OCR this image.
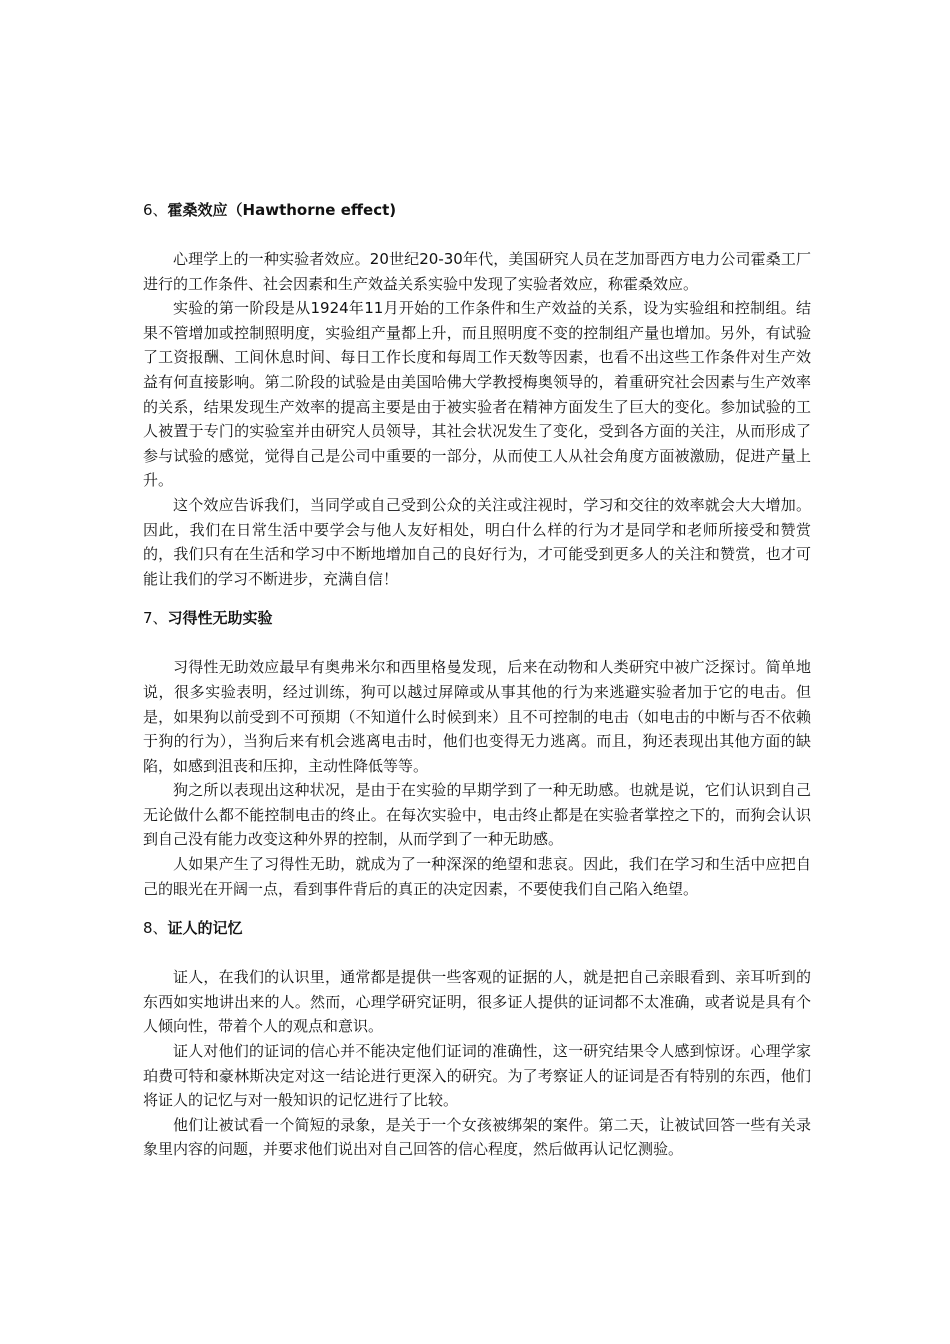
6、霍桑效应（Hawthorne effect)

心理学上的一种实验者效应。20世纪20-30年代，美国研究人员在芝加哥西方电力公司霍桑工厂进行的工作条件、社会因素和生产效益关系实验中发现了实验者效应，称霍桑效应。

实验的第一阶段是从1924年11月开始的工作条件和生产效益的关系，设为实验组和控制组。结果不管增加或控制照明度，实验组产量都上升，而且照明度不变的控制组产量也增加。另外，有试验了工资报酬、工间休息时间、每日工作长度和每周工作天数等因素，也看不出这些工作条件对生产效益有何直接影响。第二阶段的试验是由美国哈佛大学教授梅奥领导的，着重研究社会因素与生产效率的关系，结果发现生产效率的提高主要是由于被实验者在精神方面发生了巨大的变化。参加试验的工人被置于专门的实验室并由研究人员领导，其社会状况发生了变化，受到各方面的关注，从而形成了参与试验的感觉，觉得自己是公司中重要的一部分，从而使工人从社会角度方面被激励，促进产量上升。

这个效应告诉我们，当同学或自己受到公众的关注或注视时，学习和交往的效率就会大大增加。因此，我们在日常生活中要学会与他人友好相处，明白什么样的行为才是同学和老师所接受和赞赏的，我们只有在生活和学习中不断地增加自己的良好行为，才可能受到更多人的关注和赞赏，也才可能让我们的学习不断进步，充满自信！

7、习得性无助实验

习得性无助效应最早有奥弗米尔和西里格曼发现，后来在动物和人类研究中被广泛探讨。简单地说，很多实验表明，经过训练，狗可以越过屏障或从事其他的行为来逃避实验者加于它的电击。但是，如果狗以前受到不可预期（不知道什么时候到来）且不可控制的电击（如电击的中断与否不依赖于狗的行为），当狗后来有机会逃离电击时，他们也变得无力逃离。而且，狗还表现出其他方面的缺陷，如感到沮丧和压抑，主动性降低等等。

狗之所以表现出这种状况，是由于在实验的早期学到了一种无助感。也就是说，它们认识到自己无论做什么都不能控制电击的终止。在每次实验中，电击终止都是在实验者掌控之下的，而狗会认识到自己没有能力改变这种外界的控制，从而学到了一种无助感。

人如果产生了习得性无助，就成为了一种深深的绝望和悲哀。因此，我们在学习和生活中应把自己的眼光在开阔一点，看到事件背后的真正的决定因素，不要使我们自己陷入绝望。

8、证人的记忆

证人，在我们的认识里，通常都是提供一些客观的证据的人，就是把自己亲眼看到、亲耳听到的东西如实地讲出来的人。然而，心理学研究证明，很多证人提供的证词都不太准确，或者说是具有个人倾向性，带着个人的观点和意识。

证人对他们的证词的信心并不能决定他们证词的准确性，这一研究结果令人感到惊讶。心理学家珀费可特和豪林斯决定对这一结论进行更深入的研究。为了考察证人的证词是否有特别的东西，他们将证人的记忆与对一般知识的记忆进行了比较。

他们让被试看一个简短的录象，是关于一个女孩被绑架的案件。第二天，让被试回答一些有关录象里内容的问题，并要求他们说出对自己回答的信心程度，然后做再认记忆测验。
